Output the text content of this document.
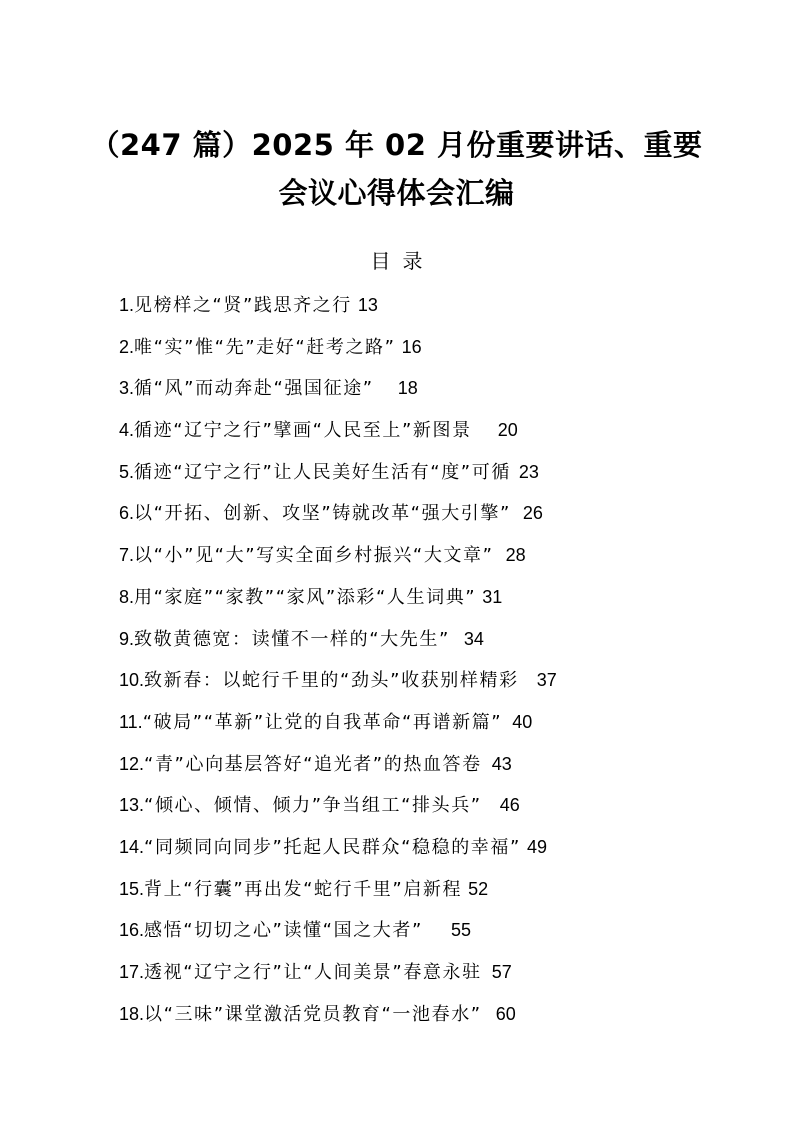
（247 篇）2025 年 02 月份重要讲话、重要
会议心得体会汇编
目录
1.见榜样之“贤”践思齐之行 13
2.唯“实”惟“先”走好“赶考之路” 16
3.循“风”而动奔赴“强国征途” 18
4.循迹“辽宁之行”擘画“人民至上”新图景 20
5.循迹“辽宁之行”让人民美好生活有“度”可循 23
6.以“开拓、创新、攻坚”铸就改革“强大引擎” 26
7.以“小”见“大”写实全面乡村振兴“大文章” 28
8.用“家庭”“家教”“家风”添彩“人生词典” 31
9.致敬黄德宽：读懂不一样的“大先生” 34
10.致新春：以蛇行千里的“劲头”收获别样精彩 37
11.“破局”“革新”让党的自我革命“再谱新篇” 40
12.“青”心向基层答好“追光者”的热血答卷 43
13.“倾心、倾情、倾力”争当组工“排头兵” 46
14.“同频同向同步”托起人民群众“稳稳的幸福” 49
15.背上“行囊”再出发“蛇行千里”启新程 52
16.感悟“切切之心”读懂“国之大者” 55
17.透视“辽宁之行”让“人间美景”春意永驻 57
18.以“三味”课堂激活党员教育“一池春水” 60
